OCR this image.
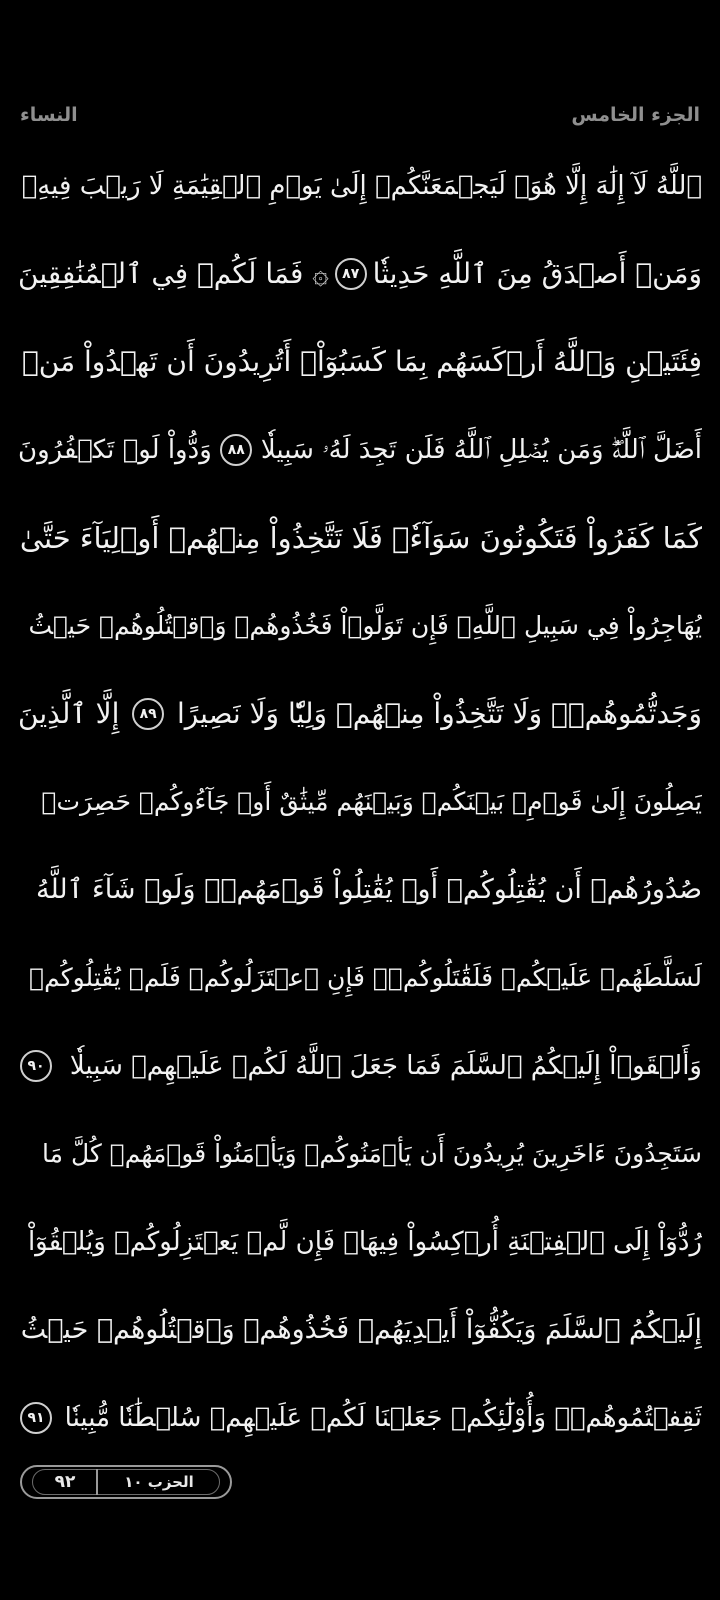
النساء	الجزء الخامس
ٱللَّهُ لَآ إِلَٰهَ إِلَّا هُوَۚ لَيَجۡمَعَنَّكُمۡ إِلَىٰ يَوۡمِ ٱلۡقِيَٰمَةِ لَا رَيۡبَ فِيهِۗ
وَمَنۡ أَصۡدَقُ مِنَ ٱللَّهِ حَدِيثٗا
٨٧
۞ فَمَا لَكُمۡ فِي ٱلۡمُنَٰفِقِينَ
فِئَتَيۡنِ وَٱللَّهُ أَرۡكَسَهُم بِمَا كَسَبُوٓاْۚ أَتُرِيدُونَ أَن تَهۡدُواْ مَنۡ
أَضَلَّ ٱللَّهُۖ وَمَن يُضۡلِلِ ٱللَّهُ فَلَن تَجِدَ لَهُۥ سَبِيلٗا
٨٨
وَدُّواْ لَوۡ تَكۡفُرُونَ
كَمَا كَفَرُواْ فَتَكُونُونَ سَوَآءٗۖ فَلَا تَتَّخِذُواْ مِنۡهُمۡ أَوۡلِيَآءَ حَتَّىٰ
يُهَاجِرُواْ فِي سَبِيلِ ٱللَّهِۚ فَإِن تَوَلَّوۡاْ فَخُذُوهُمۡ وَٱقۡتُلُوهُمۡ حَيۡثُ
وَجَدتُّمُوهُمۡۖ وَلَا تَتَّخِذُواْ مِنۡهُمۡ وَلِيّٗا وَلَا نَصِيرًا
٨٩
إِلَّا ٱلَّذِينَ
يَصِلُونَ إِلَىٰ قَوۡمِۭ بَيۡنَكُمۡ وَبَيۡنَهُم مِّيثَٰقٌ أَوۡ جَآءُوكُمۡ حَصِرَتۡ
صُدُورُهُمۡ أَن يُقَٰتِلُوكُمۡ أَوۡ يُقَٰتِلُواْ قَوۡمَهُمۡۚ وَلَوۡ شَآءَ ٱللَّهُ
لَسَلَّطَهُمۡ عَلَيۡكُمۡ فَلَقَٰتَلُوكُمۡۚ فَإِنِ ٱعۡتَزَلُوكُمۡ فَلَمۡ يُقَٰتِلُوكُمۡ
وَأَلۡقَوۡاْ إِلَيۡكُمُ ٱلسَّلَمَ فَمَا جَعَلَ ٱللَّهُ لَكُمۡ عَلَيۡهِمۡ سَبِيلٗا
٩٠
سَتَجِدُونَ ءَاخَرِينَ يُرِيدُونَ أَن يَأۡمَنُوكُمۡ وَيَأۡمَنُواْ قَوۡمَهُمۡ كُلَّ مَا
رُدُّوٓاْ إِلَى ٱلۡفِتۡنَةِ أُرۡكِسُواْ فِيهَاۚ فَإِن لَّمۡ يَعۡتَزِلُوكُمۡ وَيُلۡقُوٓاْ
إِلَيۡكُمُ ٱلسَّلَمَ وَيَكُفُّوٓاْ أَيۡدِيَهُمۡ فَخُذُوهُمۡ وَٱقۡتُلُوهُمۡ حَيۡثُ
ثَقِفۡتُمُوهُمۡۚ وَأُوْلَٰٓئِكُمۡ جَعَلۡنَا لَكُمۡ عَلَيۡهِمۡ سُلۡطَٰنٗا مُّبِينٗا
٩١
٩٢	الحزب ١٠
